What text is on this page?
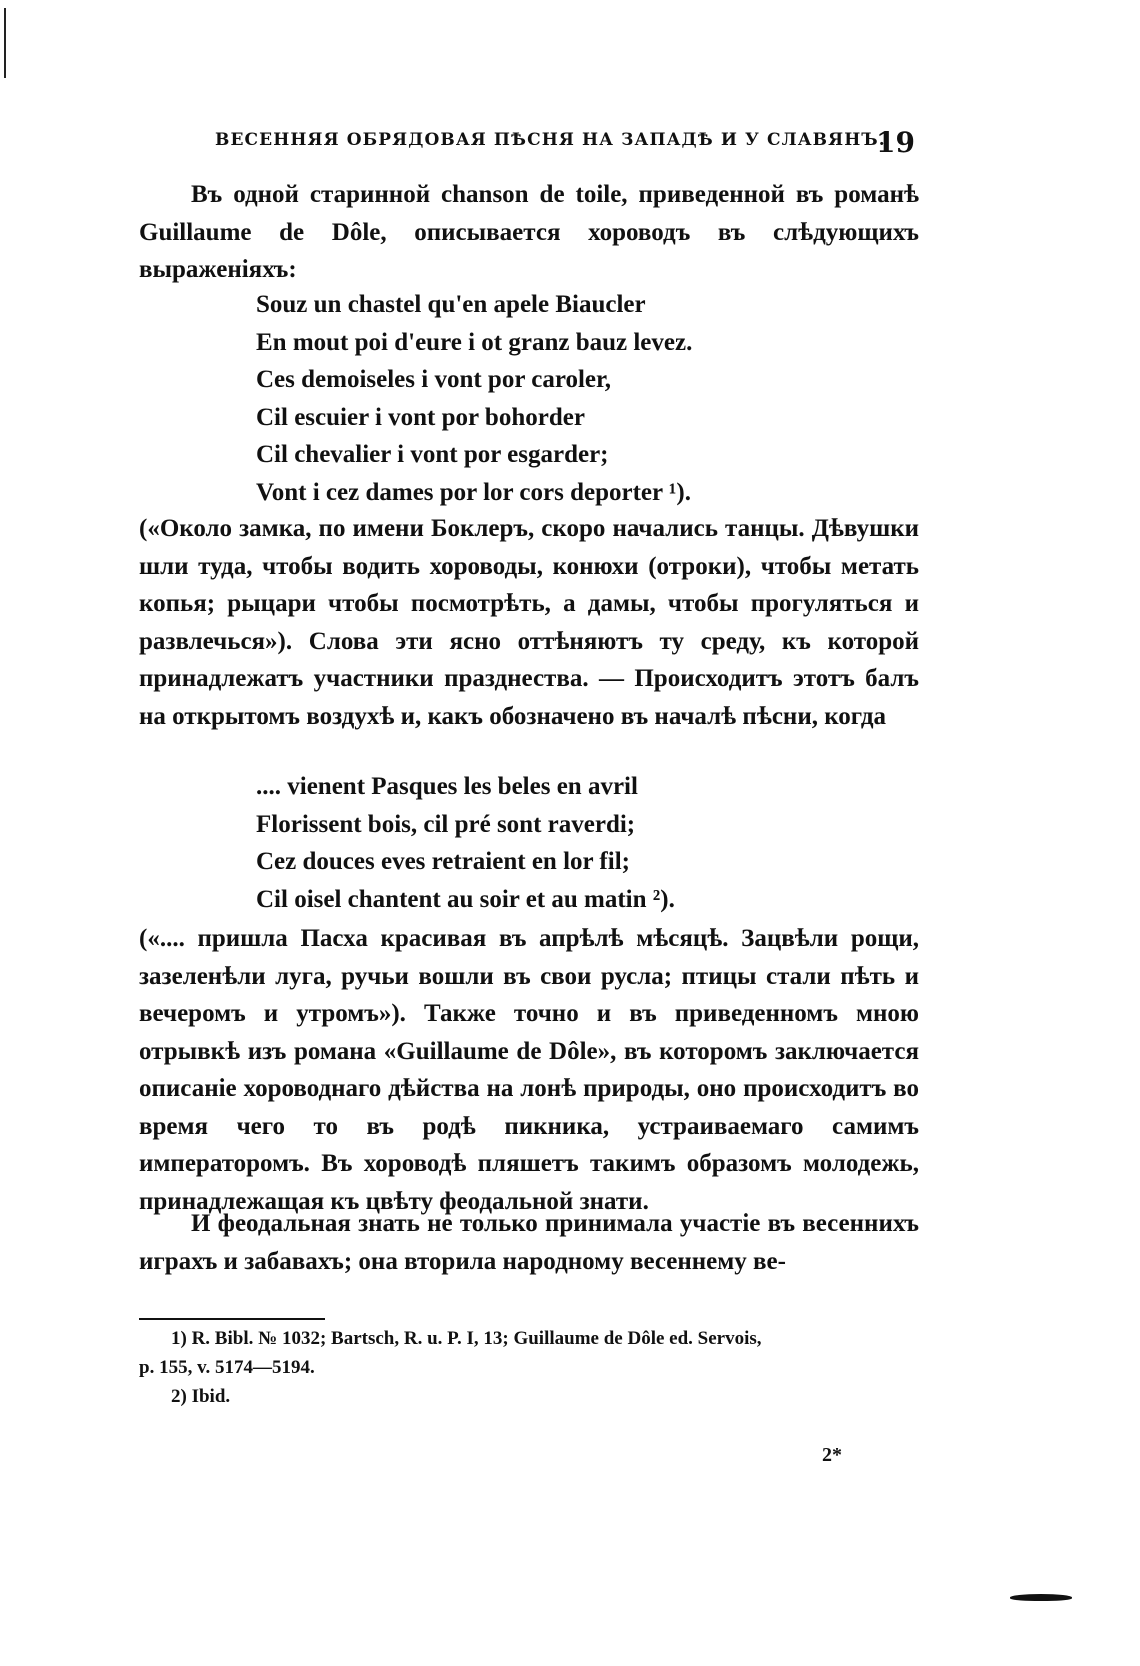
ВЕСЕННЯЯ ОБРЯДОВАЯ ПѢСНЯ НА ЗАПАДѢ И У СЛАВЯНЪ.
19

Въ одной старинной chanson de toile, приведенной въ романѣ Guillaume de Dôle, описывается хороводъ въ слѣдующихъ выраженіяхъ:

Souz un chastel qu'en apele Biaucler
En mout poi d'eure i ot granz bauz levez.
Ces demoiseles i vont por caroler,
Cil escuier i vont por bohorder
Cil chevalier i vont por esgarder;
Vont i cez dames por lor cors deporter ¹).

(«Около замка, по имени Боклеръ, скоро начались танцы. Дѣвушки шли туда, чтобы водить хороводы, конюхи (отроки), чтобы метать копья; рыцари чтобы посмотрѣть, а дамы, чтобы прогуляться и развлечься»). Слова эти ясно оттѣняютъ ту среду, къ которой принадлежатъ участники празднества. — Происходитъ этотъ балъ на открытомъ воздухѣ и, какъ обозначено въ началѣ пѣсни, когда

.... vienent Pasques les beles en avril
Florissent bois, cil pré sont raverdi;
Cez douces eves retraient en lor fil;
Cil oisel chantent au soir et au matin ²).

(«.... пришла Пасха красивая въ апрѣлѣ мѣсяцѣ. Зацвѣли рощи, зазеленѣли луга, ручьи вошли въ свои русла; птицы стали пѣть и вечеромъ и утромъ»). Также точно и въ приведенномъ мною отрывкѣ изъ романа «Guillaume de Dôle», въ которомъ заключается описаніе хороводнаго дѣйства на лонѣ природы, оно происходитъ во время чего то въ родѣ пикника, устраиваемаго самимъ императоромъ. Въ хороводѣ пляшетъ такимъ образомъ молодежь, принадлежащая къ цвѣту феодальной знати.

И феодальная знать не только принимала участіе въ весеннихъ играхъ и забавахъ; она вторила народному весеннему ве-

1) R. Bibl. № 1032; Bartsch, R. u. P. I, 13; Guillaume de Dôle ed. Servois,

p. 155, v. 5174—5194.

2) Ibid.

2*
